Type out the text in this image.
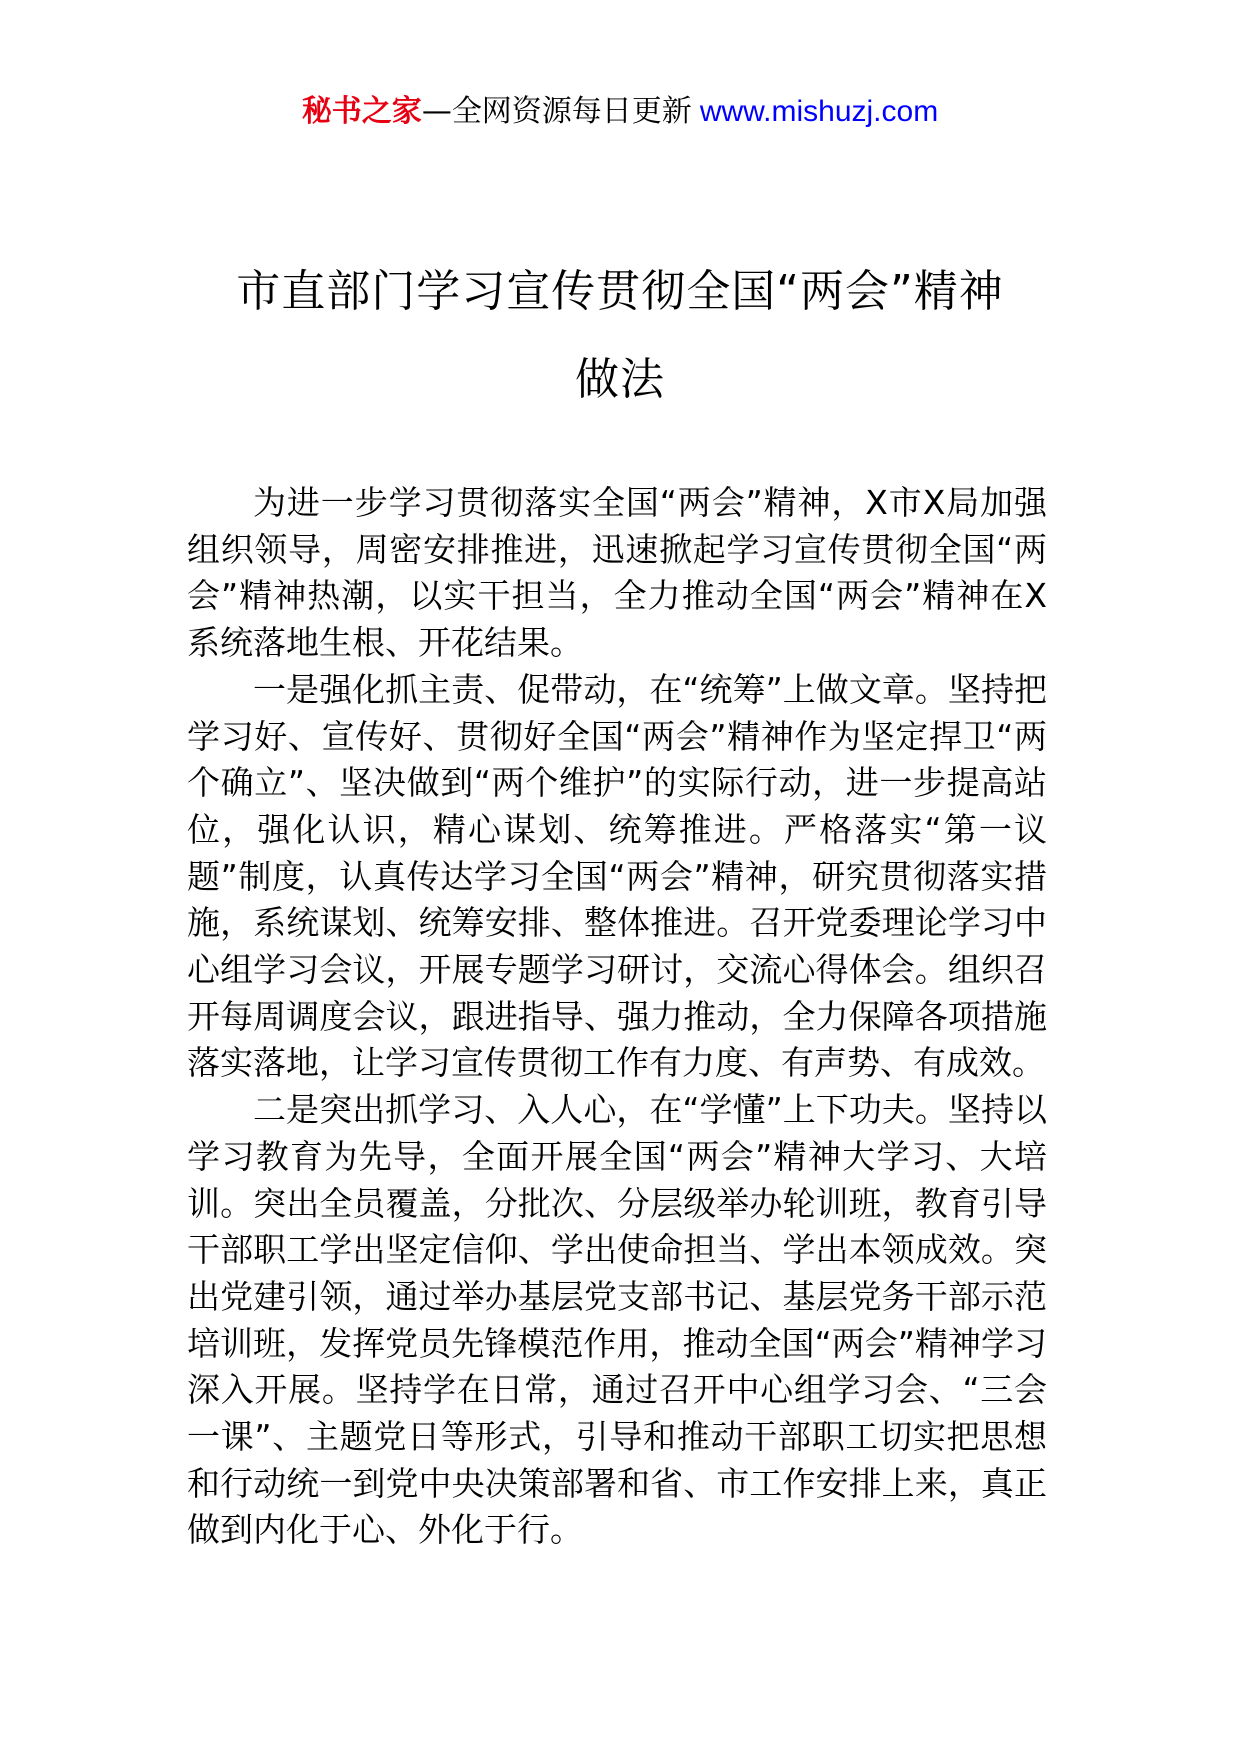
秘书之家—全网资源每日更新 www.mishuzj.com
市直部门学习宣传贯彻全国“两会”精神
做法

为进一步学习贯彻落实全国“两会”精神，X市X局加强组织领导，周密安排推进，迅速掀起学习宣传贯彻全国“两会”精神热潮，以实干担当，全力推动全国“两会”精神在X系统落地生根、开花结果。

一是强化抓主责、促带动，在“统筹”上做文章。坚持把学习好、宣传好、贯彻好全国“两会”精神作为坚定捍卫“两个确立”、坚决做到“两个维护”的实际行动，进一步提高站位，强化认识，精心谋划、统筹推进。严格落实“第一议题”制度，认真传达学习全国“两会”精神，研究贯彻落实措施，系统谋划、统筹安排、整体推进。召开党委理论学习中心组学习会议，开展专题学习研讨，交流心得体会。组织召开每周调度会议，跟进指导、强力推动，全力保障各项措施落实落地，让学习宣传贯彻工作有力度、有声势、有成效。

二是突出抓学习、入人心，在“学懂”上下功夫。坚持以学习教育为先导，全面开展全国“两会”精神大学习、大培训。突出全员覆盖，分批次、分层级举办轮训班，教育引导干部职工学出坚定信仰、学出使命担当、学出本领成效。突出党建引领，通过举办基层党支部书记、基层党务干部示范培训班，发挥党员先锋模范作用，推动全国“两会”精神学习深入开展。坚持学在日常，通过召开中心组学习会、“三会一课”、主题党日等形式，引导和推动干部职工切实把思想和行动统一到党中央决策部署和省、市工作安排上来，真正做到内化于心、外化于行。
